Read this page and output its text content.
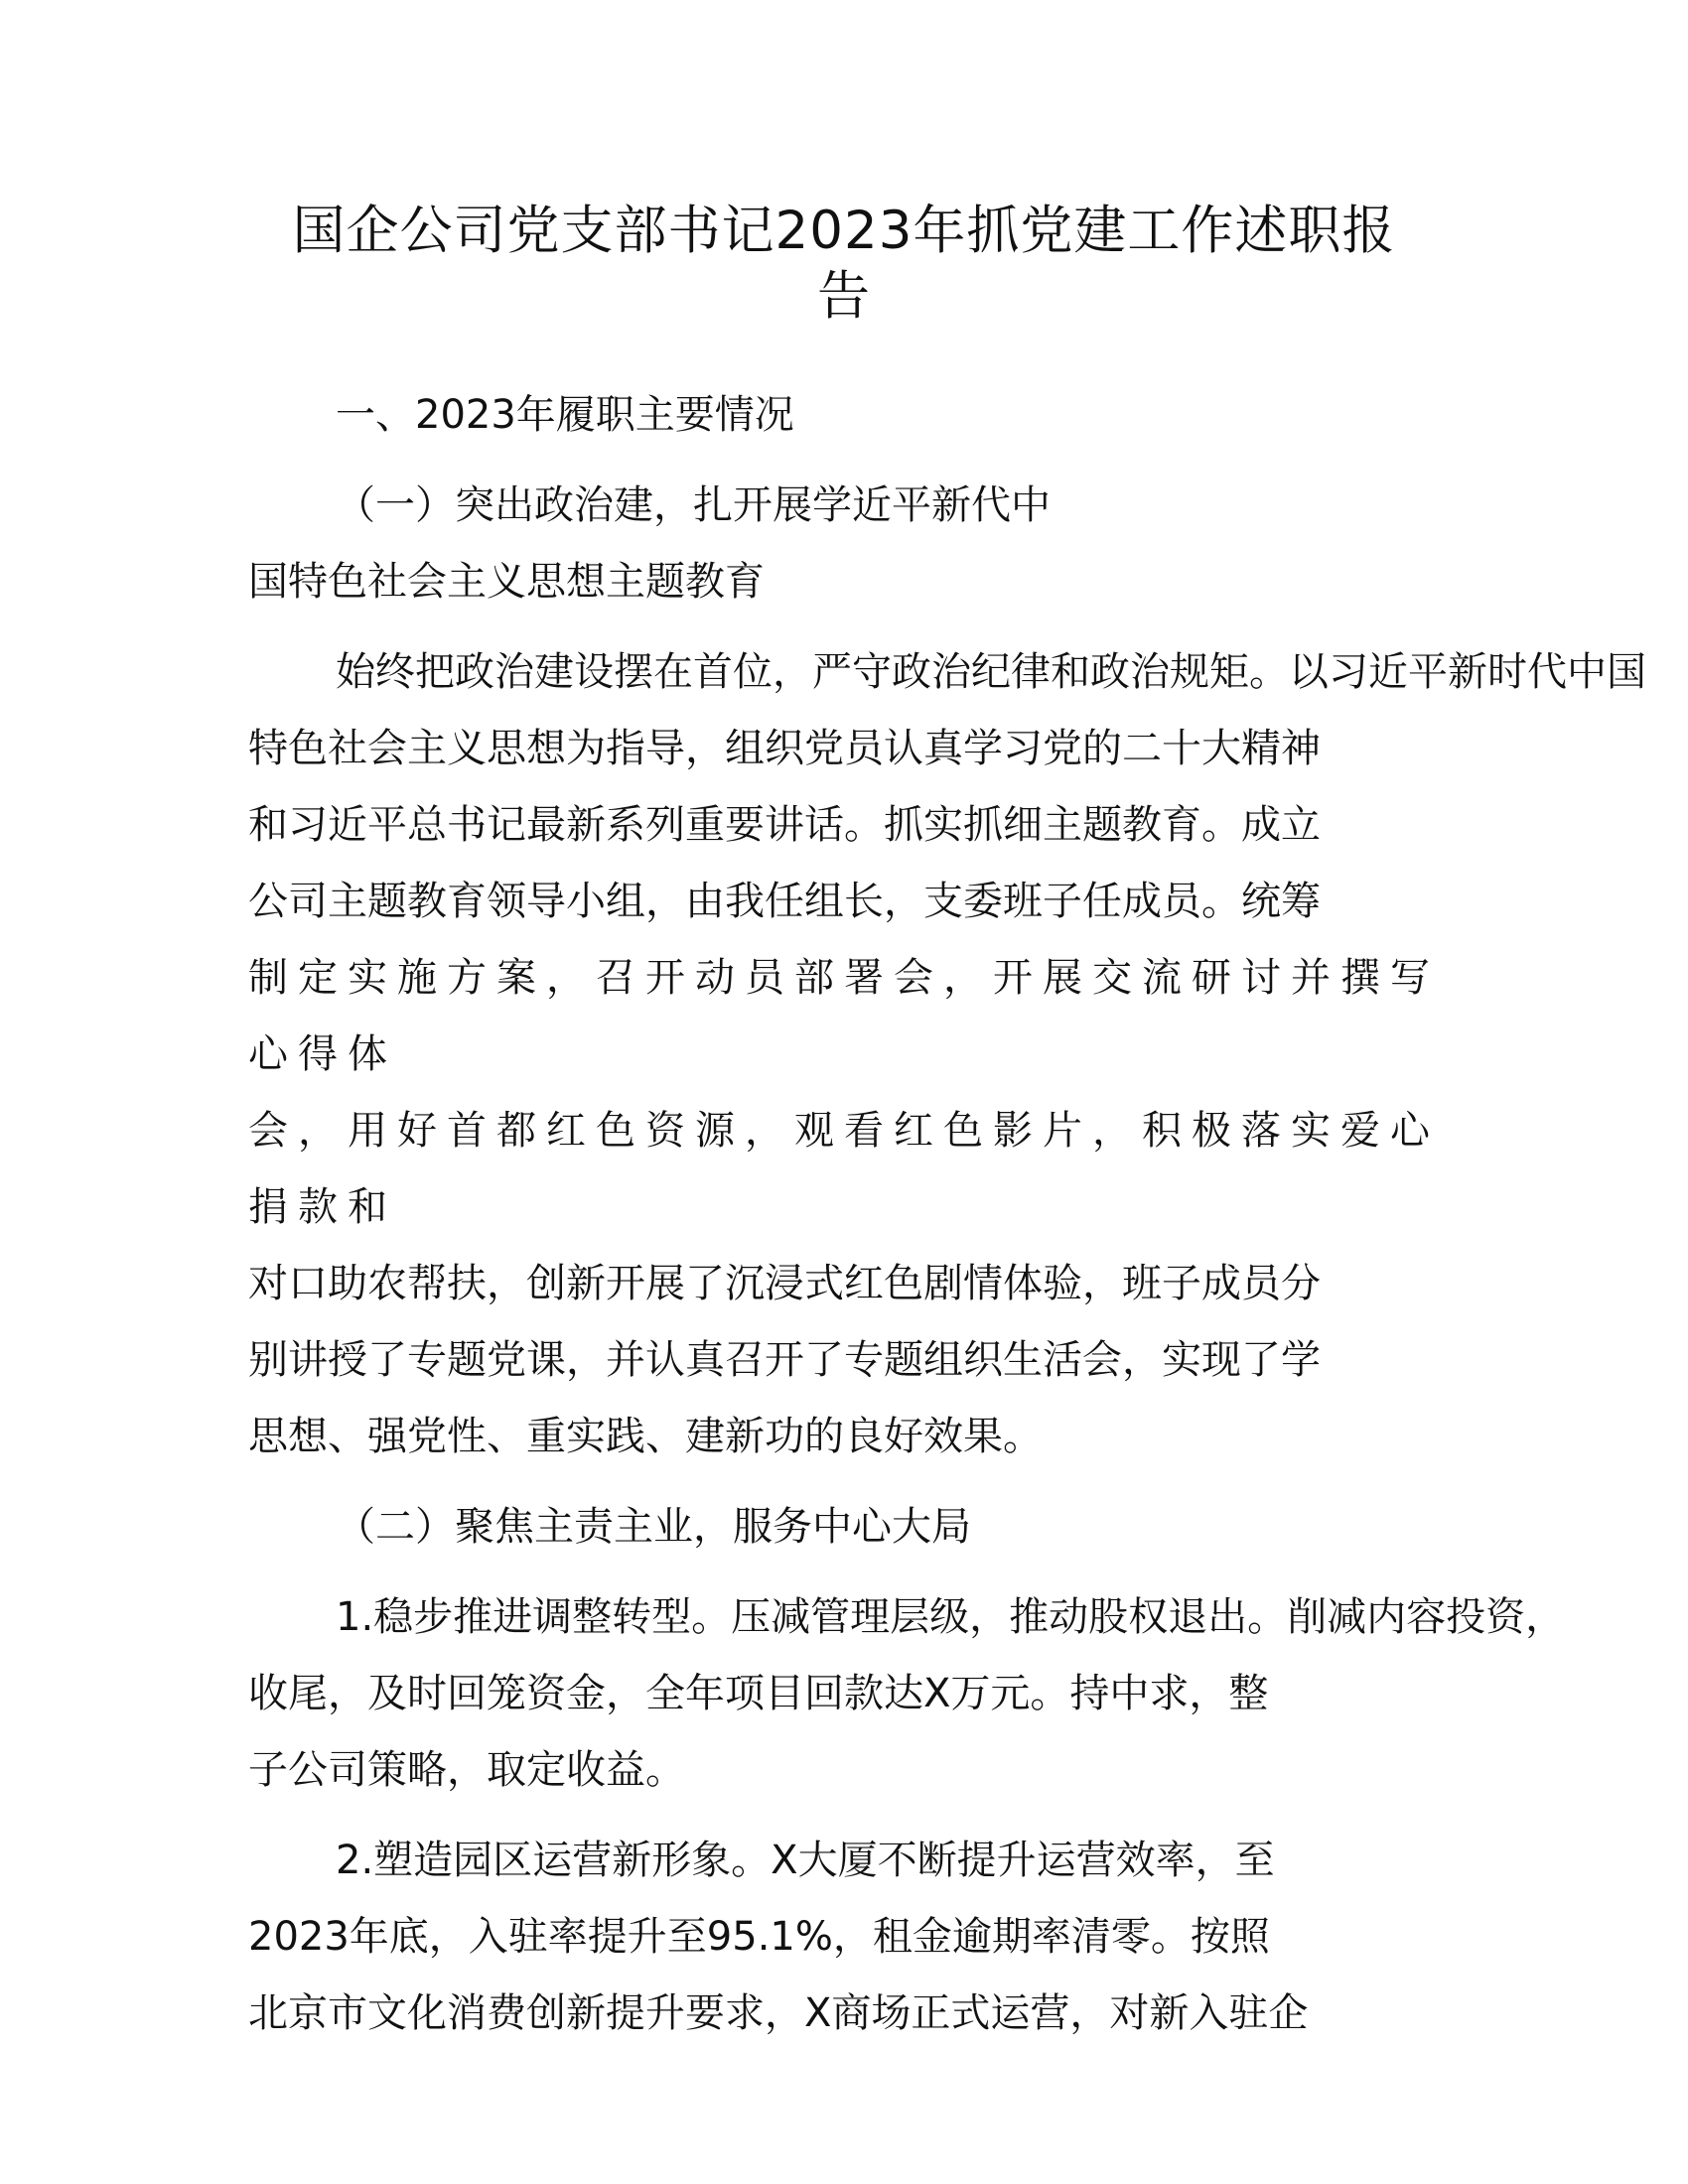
国企公司党支部书记2023年抓党建工作述职报
告

一、2023年履职主要情况

（一）突出政治建，扎开展学近平新代中

国特色社会主义思想主题教育

始终把政治建设摆在首位，严守政治纪律和政治规矩。以习近平新时代中国

特色社会主义思想为指导，组织党员认真学习党的二十大精神

和习近平总书记最新系列重要讲话。抓实抓细主题教育。成立

公司主题教育领导小组，由我任组长，支委班子任成员。统筹

制定实施方案，召开动员部署会，开展交流研讨并撰写心得体

会，用好首都红色资源，观看红色影片，积极落实爱心捐款和

对口助农帮扶，创新开展了沉浸式红色剧情体验，班子成员分

别讲授了专题党课，并认真召开了专题组织生活会，实现了学

思想、强党性、重实践、建新功的良好效果。

（二）聚焦主责主业，服务中心大局

1.稳步推进调整转型。压减管理层级，推动股权退出。削减内容投资，

收尾，及时回笼资金，全年项目回款达X万元。持中求，整

子公司策略，取定收益。

2.塑造园区运营新形象。X大厦不断提升运营效率，至

2023年底，入驻率提升至95.1%，租金逾期率清零。按照

北京市文化消费创新提升要求，X商场正式运营，对新入驻企
